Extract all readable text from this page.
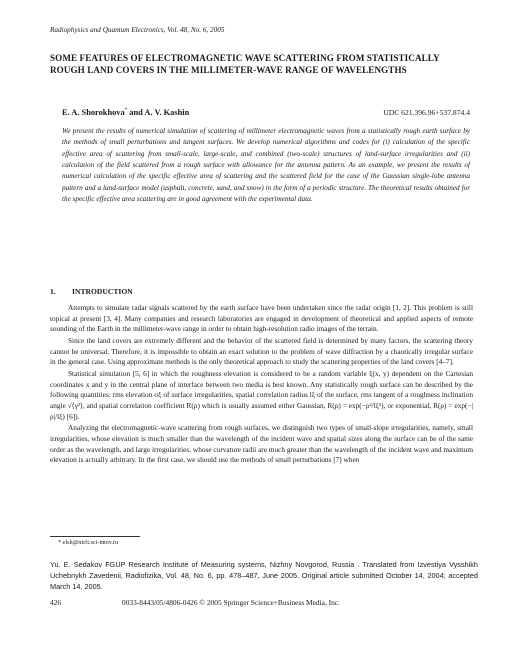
Radiophysics and Quantum Electronics, Vol. 48, No. 6, 2005
SOME FEATURES OF ELECTROMAGNETIC WAVE SCATTERING FROM STATISTICALLY ROUGH LAND COVERS IN THE MILLIMETER-WAVE RANGE OF WAVELENGTHS
E. A. Shorokhova* and A. V. Kashin	UDC 621.396.96+537.874.4
We present the results of numerical simulation of scattering of millimeter electromagnetic waves from a statistically rough earth surface by the methods of small perturbations and tangent surfaces. We develop numerical algorithms and codes for (i) calculation of the specific effective area of scattering from small-scale, large-scale, and combined (two-scale) structures of land-surface irregularities and (ii) calculation of the field scattered from a rough surface with allowance for the antenna pattern. As an example, we present the results of numerical calculation of the specific effective area of scattering and the scattered field for the case of the Gaussian single-lobe antenna pattern and a land-surface model (asphalt, concrete, sand, and snow) in the form of a periodic structure. The theoretical results obtained for the specific effective area scattering are in good agreement with the experimental data.
1. INTRODUCTION

Attempts to simulate radar signals scattered by the earth surface have been undertaken since the radar origin [1, 2]. This problem is still topical at present [3, 4]. Many companies and research laboratories are engaged in development of theoretical and applied aspects of remote sounding of the Earth in the millimeter-wave range in order to obtain high-resolution radio images of the terrain.

Since the land covers are extremely different and the behavior of the scattered field is determined by many factors, the scattering theory cannot be universal. Therefore, it is impossible to obtain an exact solution to the problem of wave diffraction by a chaotically irregular surface in the general case. Using approximate methods is the only theoretical approach to study the scattering properties of the land covers [4–7].

Statistical simulation [5, 6] in which the roughness elevation is considered to be a random variable ξ(x, y) dependent on the Cartesian coordinates x and y in the central plane of interface between two media is best known. Any statistically rough surface can be described by the following quantities: rms elevation σξ of surface irregularities, spatial correlation radius lξ of the surface, rms tangent of a roughness inclination angle √⟨γ²⟩, and spatial correlation coefficient R(ρ) which is usually assumed either Gaussian, R(ρ) = exp(−ρ²/lξ²), or exponential, R(ρ) = exp(−|ρ|/lξ) [6]).

Analyzing the electromagnetic-wave scattering from rough surfaces, we distinguish two types of small-slope irregularities, namely, small irregularities, whose elevation is much smaller than the wavelength of the incident wave and spatial sizes along the surface can be of the same order as the wavelength, and large irregularities, whose curvature radii are much greater than the wavelength of the incident wave and maximum elevation is actually arbitrary. In the first case, we should use the methods of small perturbations [7] when

* elsh@nirfi.sci-nnov.ru
Yu. E. Sedakov FGUP Research Institute of Measuring systems, Nizhny Novgorod, Russia . Translated from Izvestiya Vysshikh Uchebnykh Zavedenii, Radiofizika, Vol. 48, No. 6, pp. 478–487, June 2005. Original article submitted October 14, 2004; accepted March 14, 2005.
426	0033-8443/05/4806-0426 © 2005 Springer Science+Business Media, Inc.
